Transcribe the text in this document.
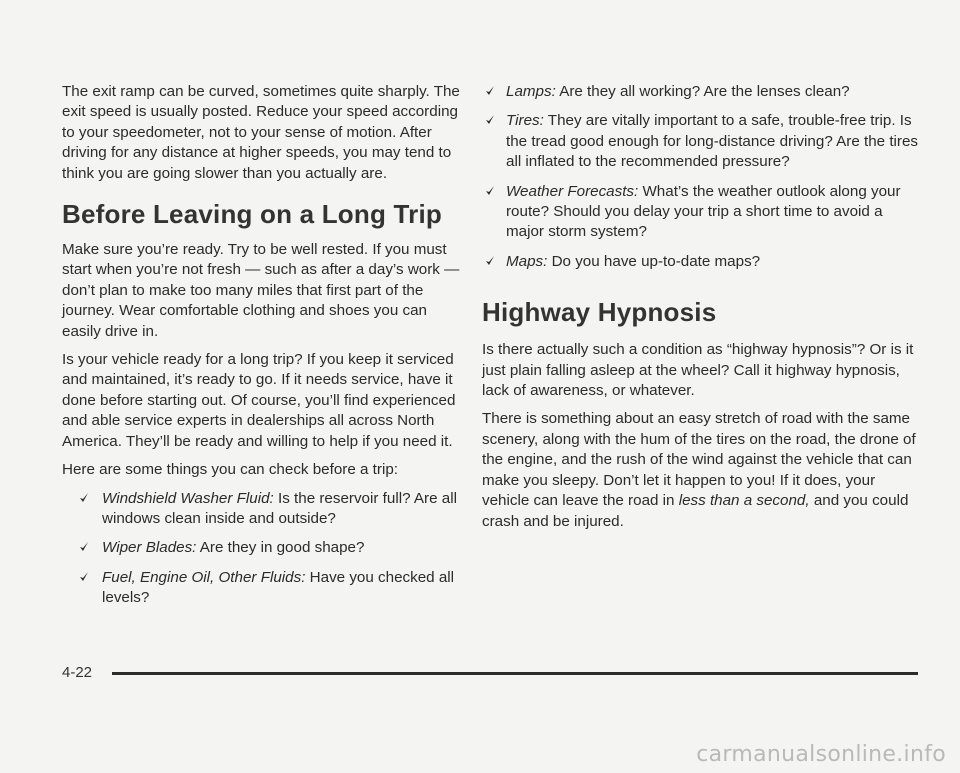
The exit ramp can be curved, sometimes quite sharply. The exit speed is usually posted. Reduce your speed according to your speedometer, not to your sense of motion. After driving for any distance at higher speeds, you may tend to think you are going slower than you actually are.

Before Leaving on a Long Trip

Make sure you’re ready. Try to be well rested. If you must start when you’re not fresh — such as after a day’s work — don’t plan to make too many miles that first part of the journey. Wear comfortable clothing and shoes you can easily drive in.

Is your vehicle ready for a long trip? If you keep it serviced and maintained, it’s ready to go. If it needs service, have it done before starting out. Of course, you’ll find experienced and able service experts in dealerships all across North America. They’ll be ready and willing to help if you need it.

Here are some things you can check before a trip:

Windshield Washer Fluid: Is the reservoir full? Are all windows clean inside and outside?
Wiper Blades: Are they in good shape?
Fuel, Engine Oil, Other Fluids: Have you checked all levels?
Lamps: Are they all working? Are the lenses clean?
Tires: They are vitally important to a safe, trouble-free trip. Is the tread good enough for long-distance driving? Are the tires all inflated to the recommended pressure?
Weather Forecasts: What’s the weather outlook along your route? Should you delay your trip a short time to avoid a major storm system?
Maps: Do you have up-to-date maps?
Highway Hypnosis

Is there actually such a condition as “highway hypnosis”? Or is it just plain falling asleep at the wheel? Call it highway hypnosis, lack of awareness, or whatever.

There is something about an easy stretch of road with the same scenery, along with the hum of the tires on the road, the drone of the engine, and the rush of the wind against the vehicle that can make you sleepy. Don’t let it happen to you! If it does, your vehicle can leave the road in less than a second, and you could crash and be injured.

4-22
carmanualsonline.info
